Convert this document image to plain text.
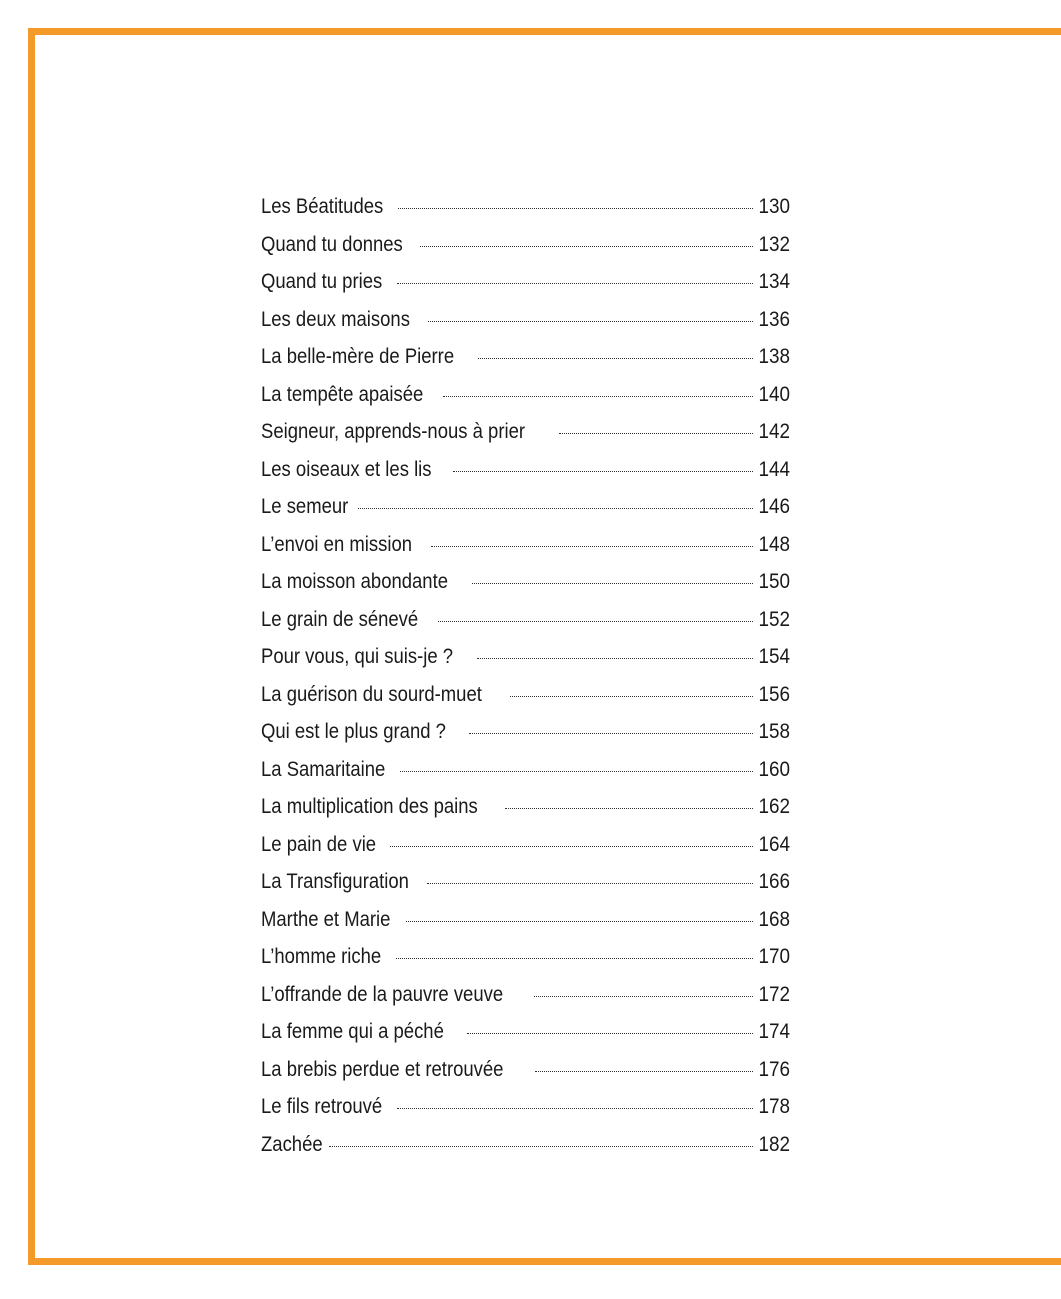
Les Béatitudes	130
Quand tu donnes	132
Quand tu pries	134
Les deux maisons	136
La belle-mère de Pierre	138
La tempête apaisée	140
Seigneur, apprends-nous à prier	142
Les oiseaux et les lis	144
Le semeur	146
L’envoi en mission	148
La moisson abondante	150
Le grain de sénevé	152
Pour vous, qui suis-je ?	154
La guérison du sourd-muet	156
Qui est le plus grand ?	158
La Samaritaine	160
La multiplication des pains	162
Le pain de vie	164
La Transfiguration	166
Marthe et Marie	168
L’homme riche	170
L’offrande de la pauvre veuve	172
La femme qui a péché	174
La brebis perdue et retrouvée	176
Le fils retrouvé	178
Zachée	182
